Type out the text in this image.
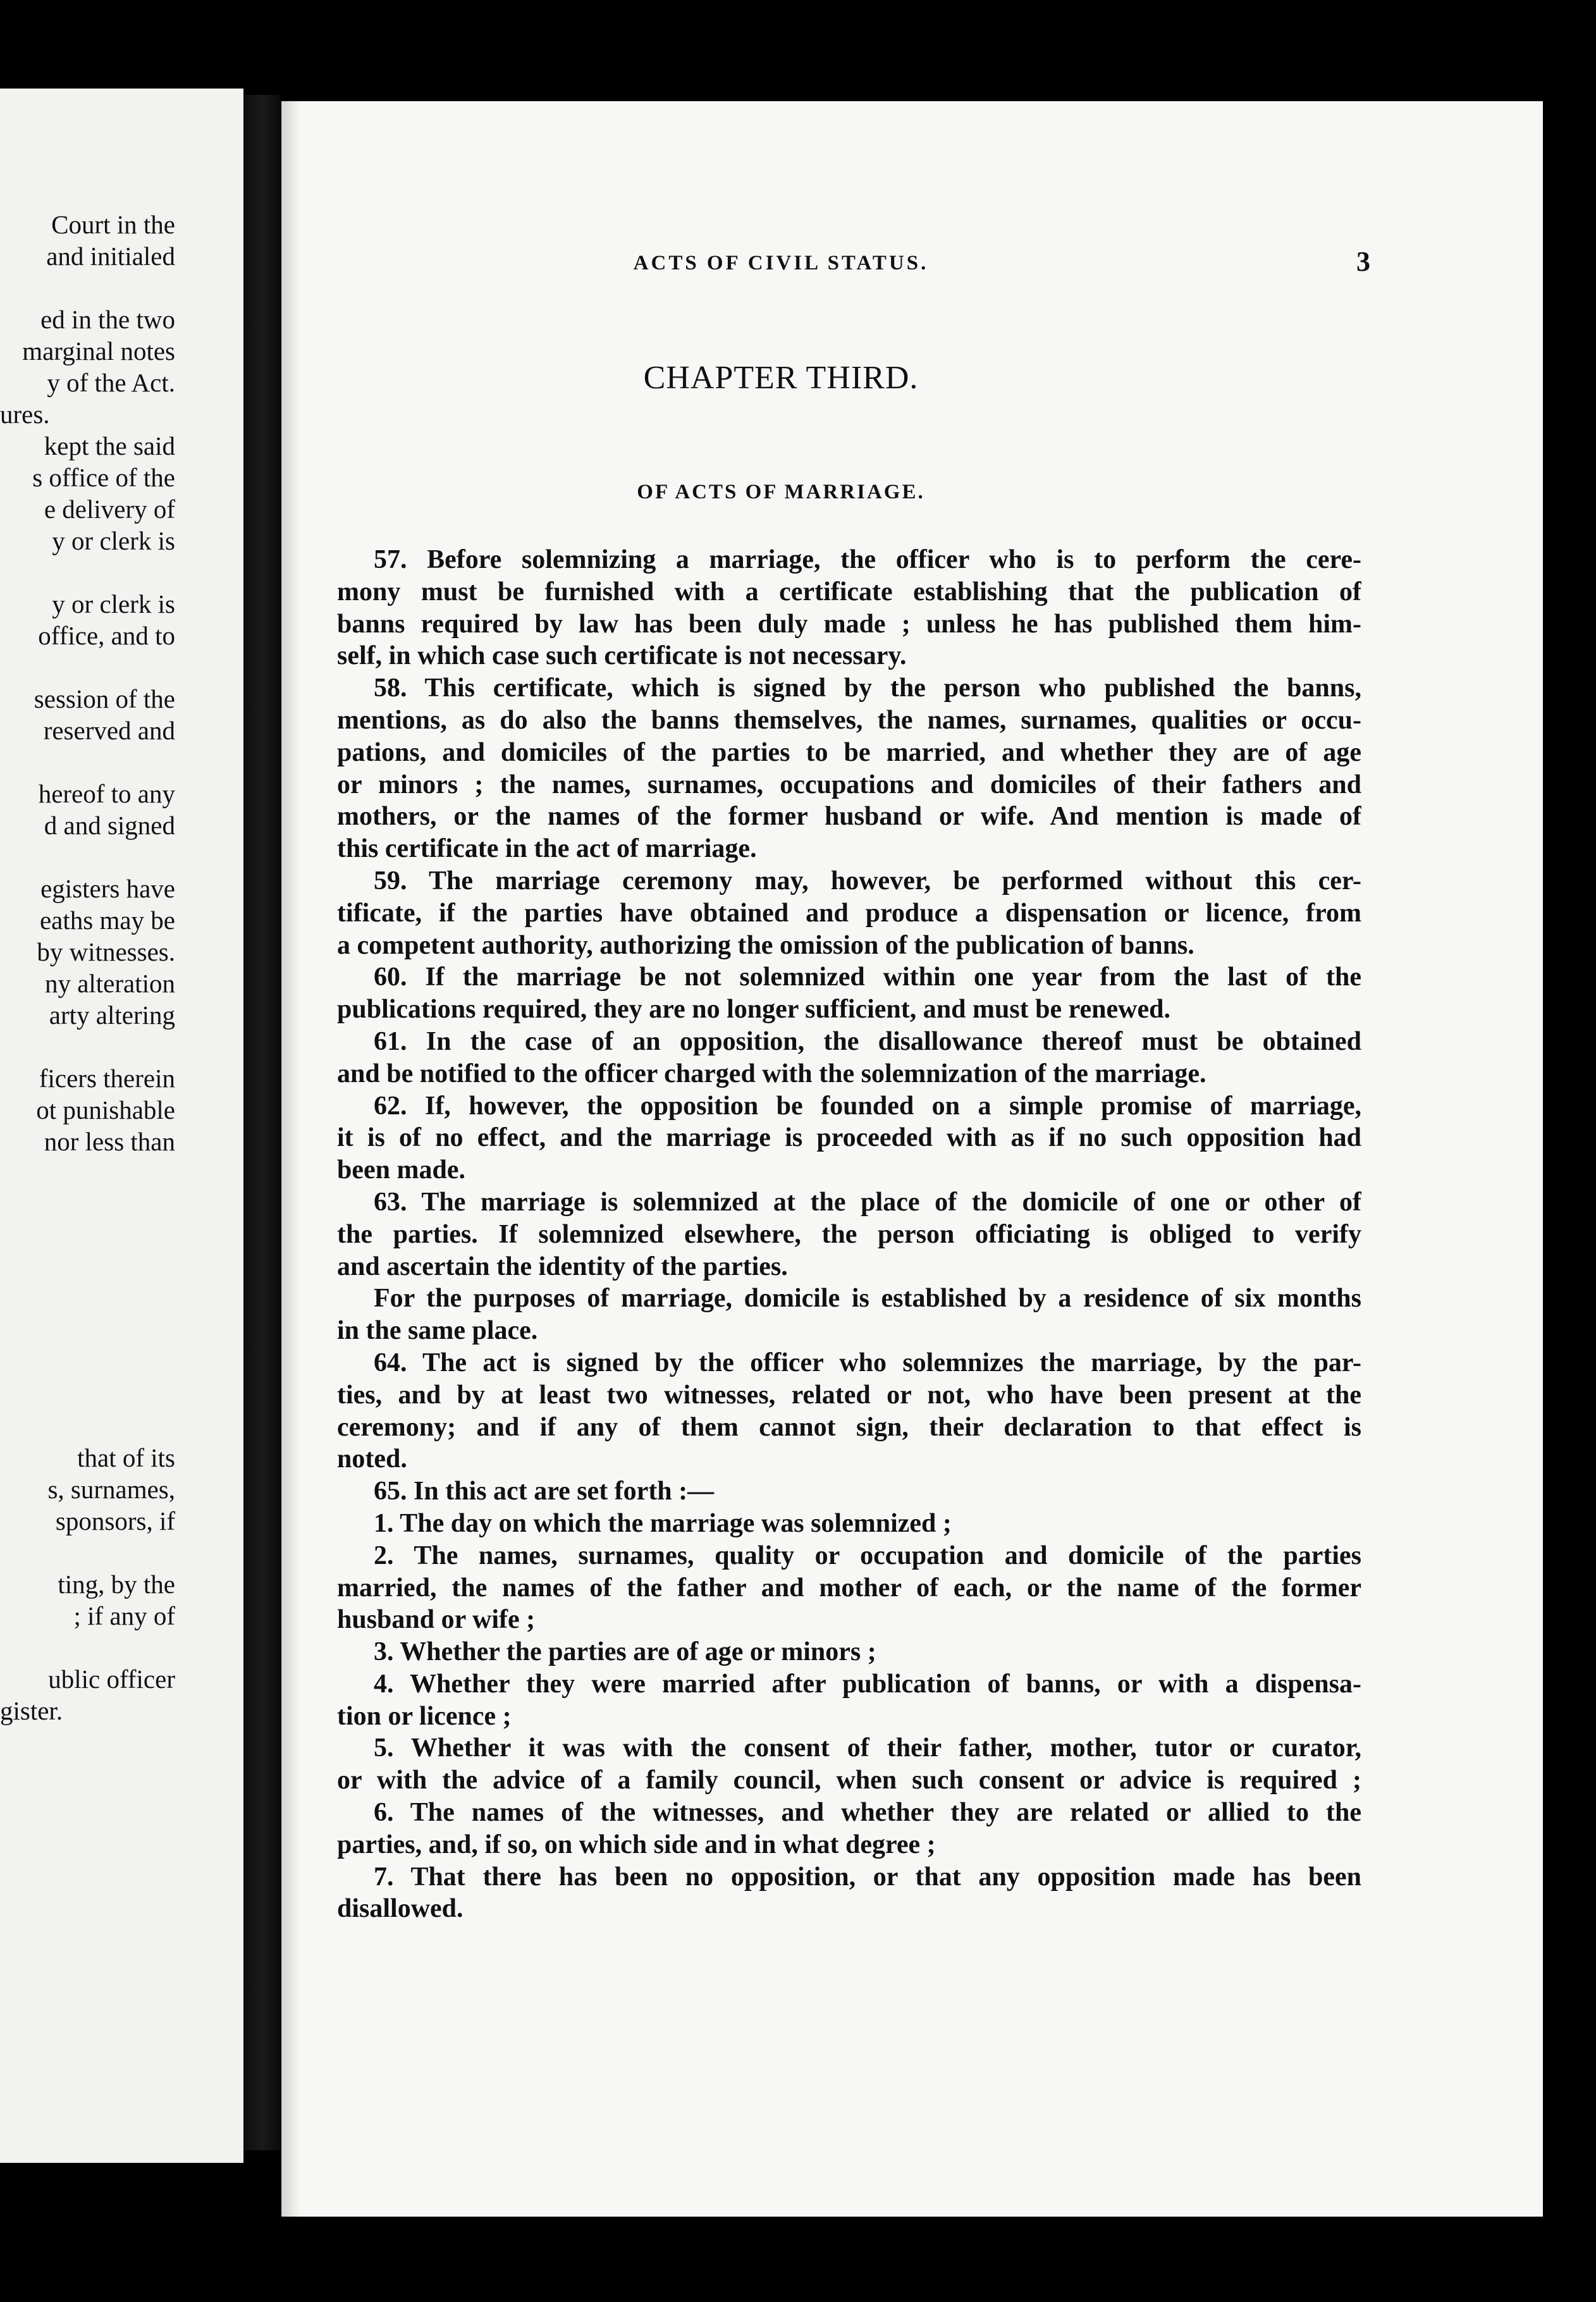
Court in the
and initialed
ed in the two
marginal notes
y of the Act.
ures.
kept the said
s office of the
e delivery of
y or clerk is
y or clerk is
office, and to
session of the
reserved and
hereof to any
d and signed
egisters have
eaths may be
by witnesses.
ny alteration
arty altering
ficers therein
ot punishable
nor less than
that of its
s, surnames,
sponsors, if
ting, by the
; if any of
ublic officer
gister.
ACTS OF CIVIL STATUS.	3
CHAPTER THIRD.
OF ACTS OF MARRIAGE.
57. Before solemnizing a marriage, the officer who is to perform the cere-
mony must be furnished with a certificate establishing that the publication of
banns required by law has been duly made ; unless he has published them him-
self, in which case such certificate is not necessary.
58. This certificate, which is signed by the person who published the banns,
mentions, as do also the banns themselves, the names, surnames, qualities or occu-
pations, and domiciles of the parties to be married, and whether they are of age
or minors ; the names, surnames, occupations and domiciles of their fathers and
mothers, or the names of the former husband or wife. And mention is made of
this certificate in the act of marriage.
59. The marriage ceremony may, however, be performed without this cer-
tificate, if the parties have obtained and produce a dispensation or licence, from
a competent authority, authorizing the omission of the publication of banns.
60. If the marriage be not solemnized within one year from the last of the
publications required, they are no longer sufficient, and must be renewed.
61. In the case of an opposition, the disallowance thereof must be obtained
and be notified to the officer charged with the solemnization of the marriage.
62. If, however, the opposition be founded on a simple promise of marriage,
it is of no effect, and the marriage is proceeded with as if no such opposition had
been made.
63. The marriage is solemnized at the place of the domicile of one or other of
the parties. If solemnized elsewhere, the person officiating is obliged to verify
and ascertain the identity of the parties.
For the purposes of marriage, domicile is established by a residence of six months
in the same place.
64. The act is signed by the officer who solemnizes the marriage, by the par-
ties, and by at least two witnesses, related or not, who have been present at the
ceremony; and if any of them cannot sign, their declaration to that effect is
noted.
65. In this act are set forth :—
1. The day on which the marriage was solemnized ;
2. The names, surnames, quality or occupation and domicile of the parties
married, the names of the father and mother of each, or the name of the former
husband or wife ;
3. Whether the parties are of age or minors ;
4. Whether they were married after publication of banns, or with a dispensa-
tion or licence ;
5. Whether it was with the consent of their father, mother, tutor or curator,
or with the advice of a family council, when such consent or advice is required ;
6. The names of the witnesses, and whether they are related or allied to the
parties, and, if so, on which side and in what degree ;
7. That there has been no opposition, or that any opposition made has been
disallowed.
